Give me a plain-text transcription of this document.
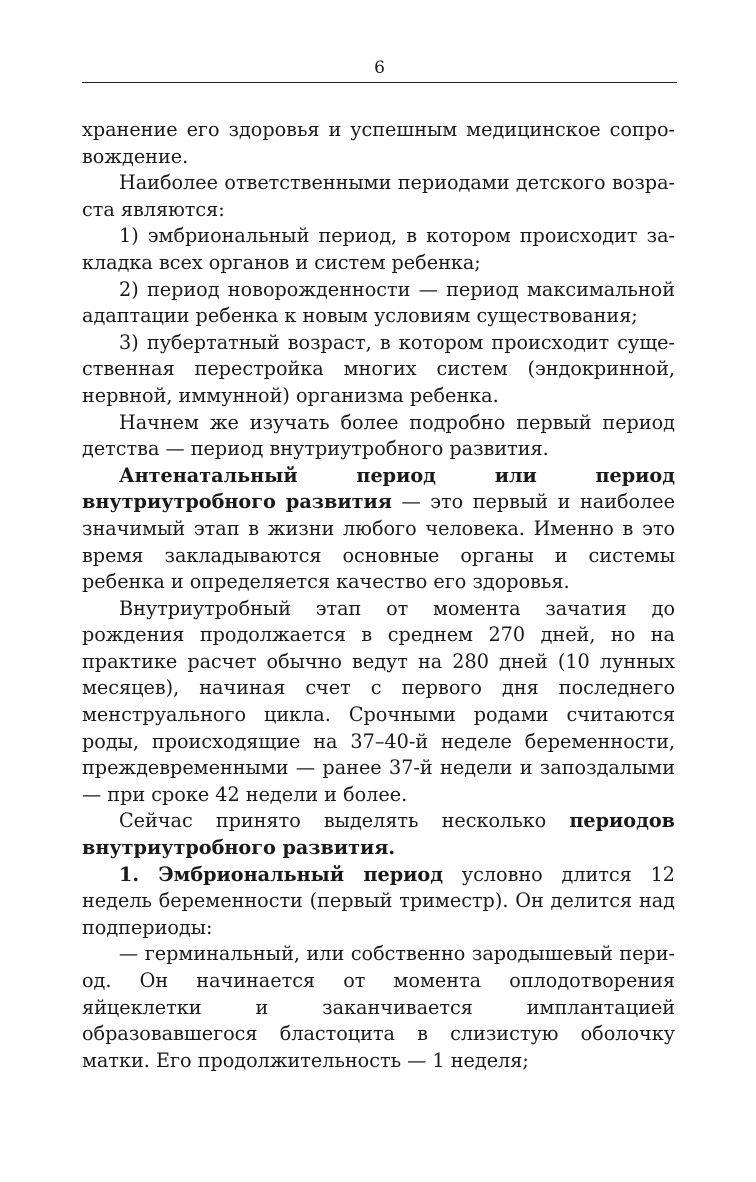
6

хранение его здоровья и успешным медицинское сопровождение.

Наиболее ответственными периодами детского возраста являются:

1) эмбриональный период, в котором происходит закладка всех органов и систем ребенка;

2) период новорожденности — период максимальной адаптации ребенка к новым условиям существования;

3) пубертатный возраст, в котором происходит существенная перестройка многих систем (эндокринной, нервной, иммунной) организма ребенка.

Начнем же изучать более подробно первый период детства — период внутриутробного развития.

Антенатальный период или период внутриутробного развития — это первый и наиболее значимый этап в жизни любого человека. Именно в это время закладываются основные органы и системы ребенка и определяется качество его здоровья.

Внутриутробный этап от момента зачатия до рождения продолжается в среднем 270 дней, но на практике расчет обычно ведут на 280 дней (10 лунных месяцев), начиная счет с первого дня последнего менструального цикла. Срочными родами считаются роды, происходящие на 37–40-й неделе беременности, преждевременными — ранее 37-й недели и запоздалыми — при сроке 42 недели и более.

Сейчас принято выделять несколько периодов внутриутробного развития.

1. Эмбриональный период условно длится 12 недель беременности (первый триместр). Он делится над подпериоды:

— герминальный, или собственно зародышевый период. Он начинается от момента оплодотворения яйцеклетки и заканчивается имплантацией образовавшегося бластоцита в слизистую оболочку матки. Его продолжительность — 1 неделя;
